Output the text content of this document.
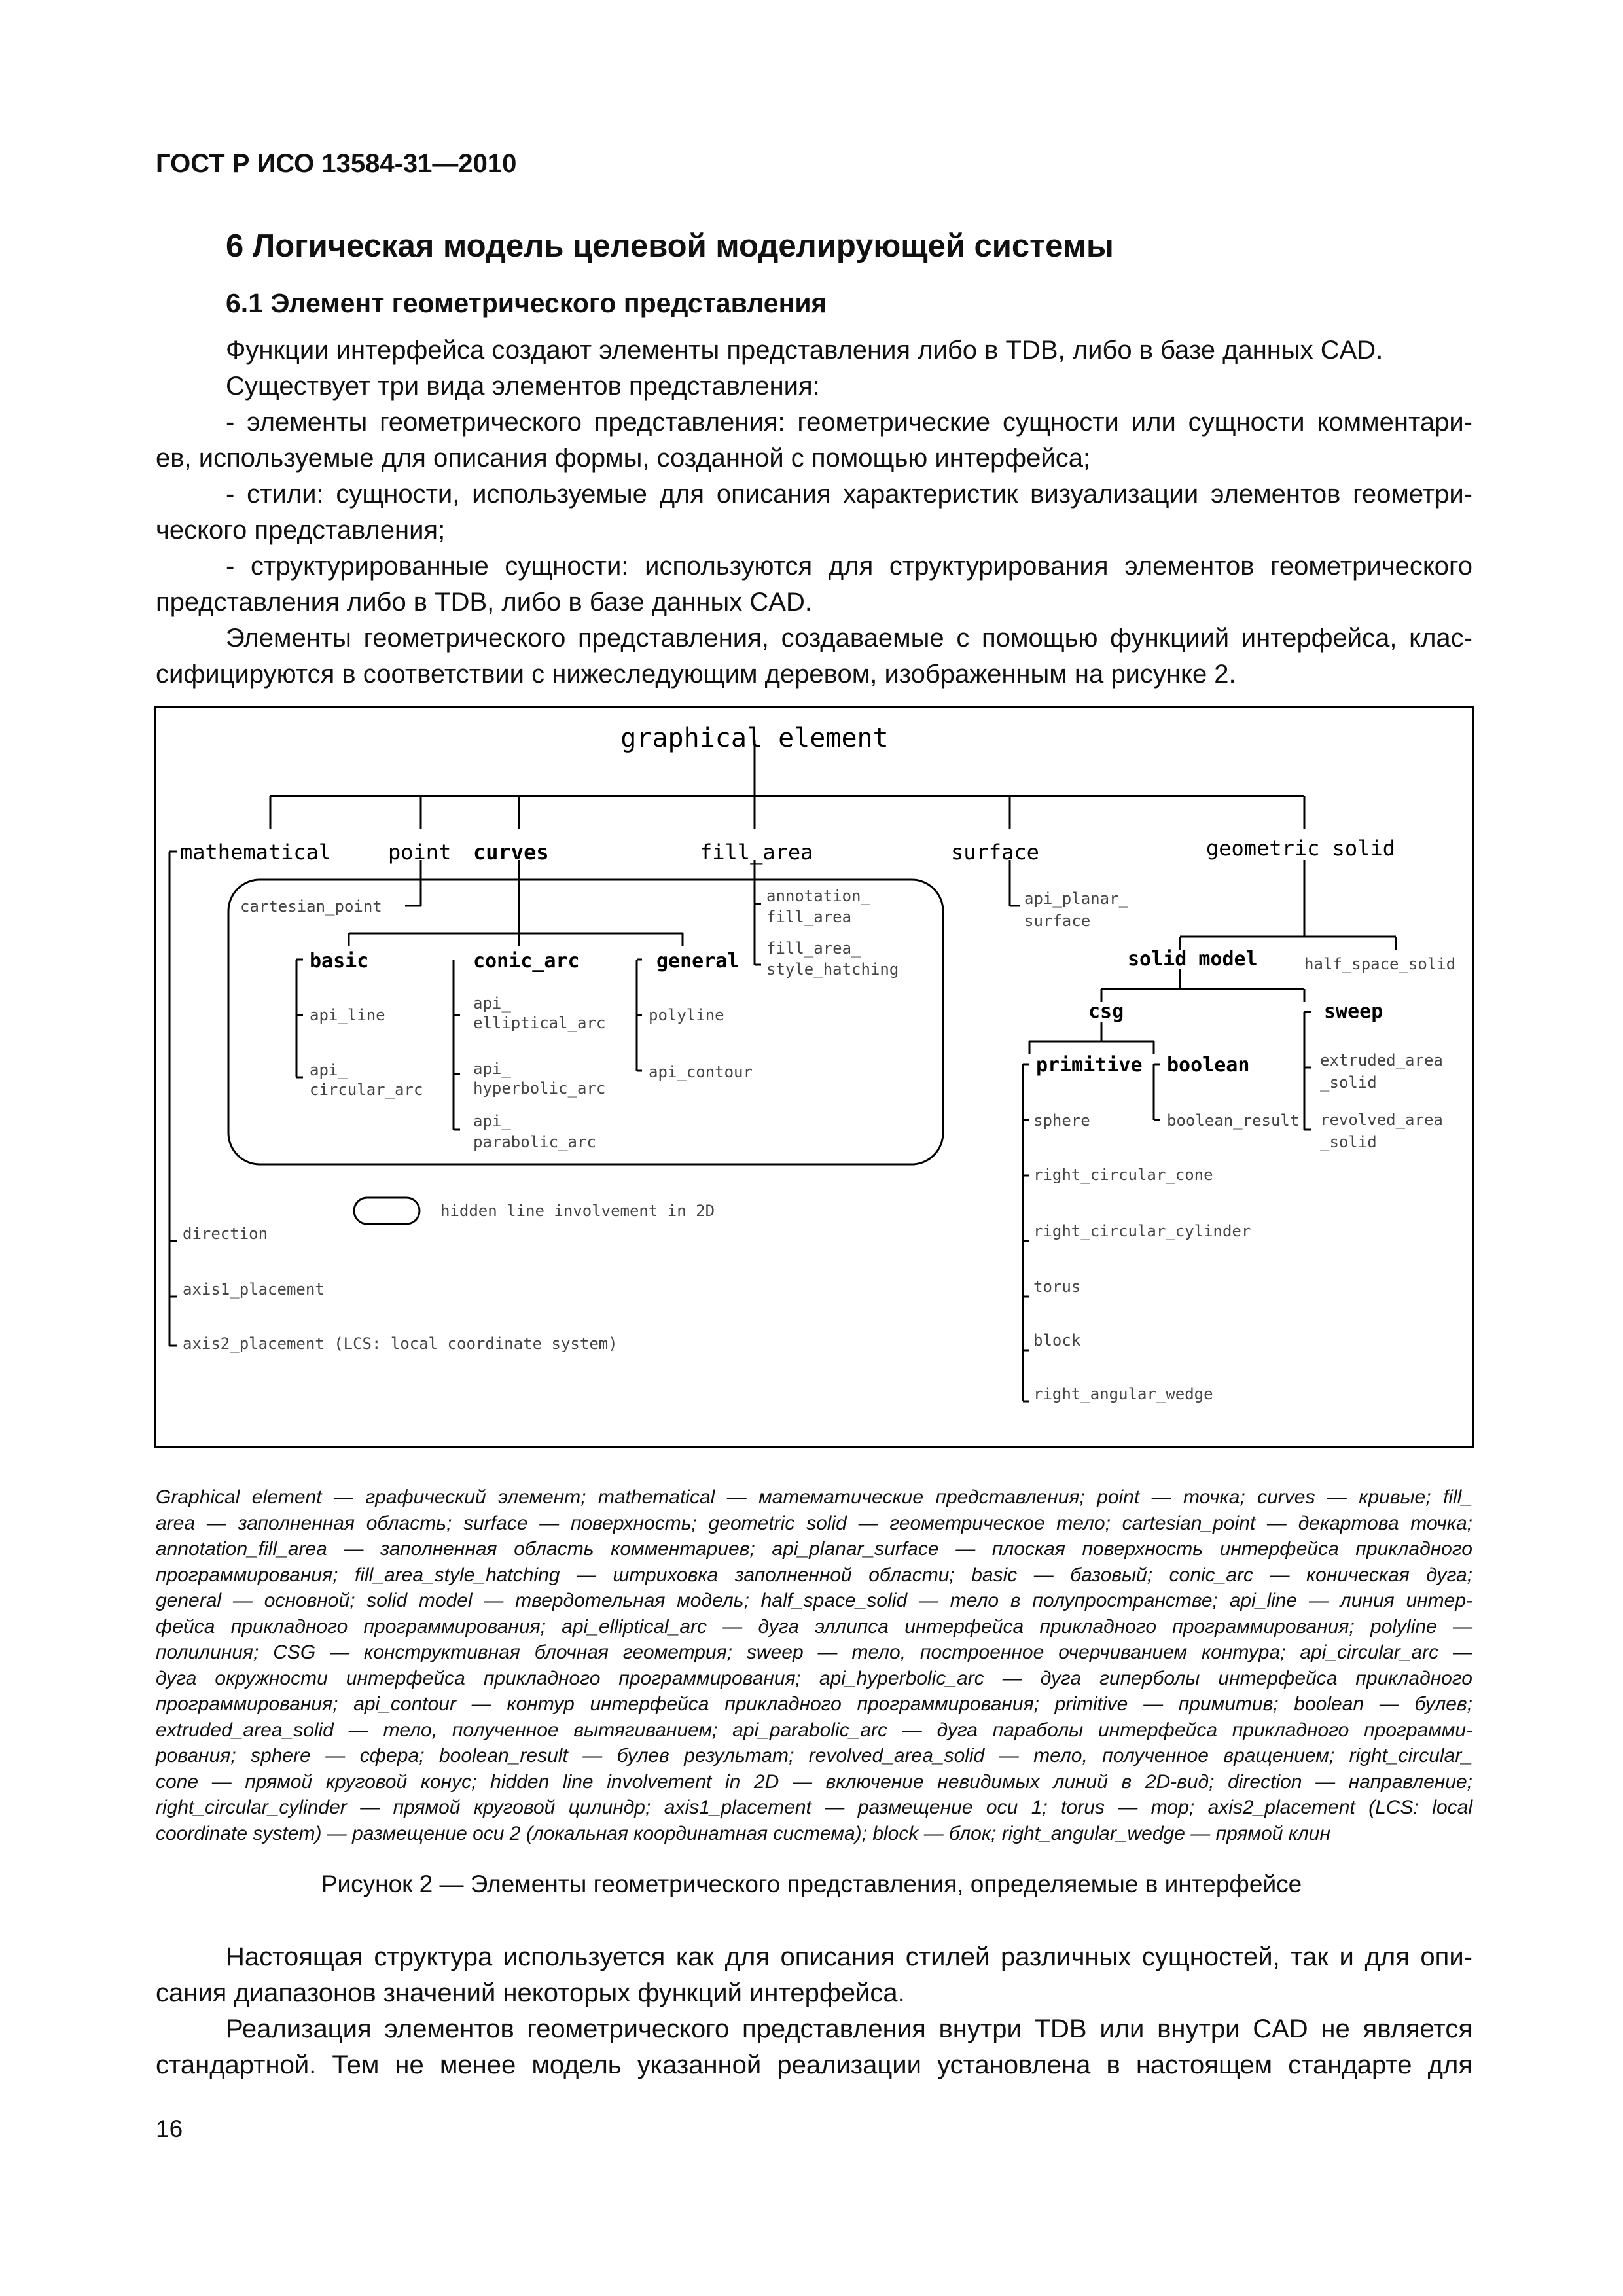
ГОСТ Р ИСО 13584-31—2010
6 Логическая модель целевой моделирующей системы
6.1 Элемент геометрического представления
Функции интерфейса создают элементы представления либо в TDB, либо в базе данных CAD.
Существует три вида элементов представления:
- элементы геометрического представления: геометрические сущности или сущности комментари-
ев, используемые для описания формы, созданной с помощью интерфейса;
- стили: сущности, используемые для описания характеристик визуализации элементов геометри-
ческого представления;
- структурированные сущности: используются для структурирования элементов геометрического
представления либо в TDB, либо в базе данных CAD.
Элементы геометрического представления, создаваемые с помощью функциий интерфейса, клас-
сифицируются в соответствии с нижеследующим деревом, изображенным на рисунке 2.
graphical element
mathematical	point curves	fill_area	surface	geometric solid
cartesian_point
annotation_
fill_area
fill_area_
style_hatching
api_planar_
surface
api_line
api_
circular_arc
api_
elliptical_arc
api_
hyperbolic_arc
api_
parabolic_arc
polyline
api_contour
half_space_solid
boolean_result
extruded_area
_solid
revolved_area
_solid
sphere
right_circular_cone
right_circular_cylinder
torus
block
right_angular_wedge
hidden line involvement in 2D
direction
axis1_placement
axis2_placement (LCS: local coordinate system)
basic	conic_arc	general	solid model
csg	sweep
primitive boolean
Graphical element — графический элемент; mathematical — математические представления; point — точка; curves — кривые; fill_
area — заполненная область; surface — поверхность; geometric solid — геометрическое тело; cartesian_point — декартова точка;
annotation_fill_area — заполненная область комментариев; api_planar_surface — плоская поверхность интерфейса прикладного
программирования; fill_area_style_hatching — штриховка заполненной области; basic — базовый; conic_arc — коническая дуга;
general — основной; solid model — твердотельная модель; half_space_solid — тело в полупространстве; api_line — линия интер-
фейса прикладного программирования; api_elliptical_arc — дуга эллипса интерфейса прикладного программирования; polyline —
полилиния; CSG — конструктивная блочная геометрия; sweep — тело, построенное очерчиванием контура; api_circular_arc —
дуга окружности интерфейса прикладного программирования; api_hyperbolic_arc — дуга гиперболы интерфейса прикладного
программирования; api_contour — контур интерфейса прикладного программирования; primitive — примитив; boolean — булев;
extruded_area_solid — тело, полученное вытягиванием; api_parabolic_arc — дуга параболы интерфейса прикладного программи-
рования; sphere — сфера; boolean_result — булев результат; revolved_area_solid — тело, полученное вращением; right_circular_
cone — прямой круговой конус; hidden line involvement in 2D — включение невидимых линий в 2D-вид; direction — направление;
right_circular_cylinder — прямой круговой цилиндр; axis1_placement — размещение оси 1; torus — тор; axis2_placement (LCS: local
coordinate system) — размещение оси 2 (локальная координатная система); block — блок; right_angular_wedge — прямой клин
Рисунок 2 — Элементы геометрического представления, определяемые в интерфейсе
Настоящая структура используется как для описания стилей различных сущностей, так и для опи-
сания диапазонов значений некоторых функций интерфейса.
Реализация элементов геометрического представления внутри TDB или внутри CAD не является
стандартной. Тем не менее модель указанной реализации установлена в настоящем стандарте для
16
